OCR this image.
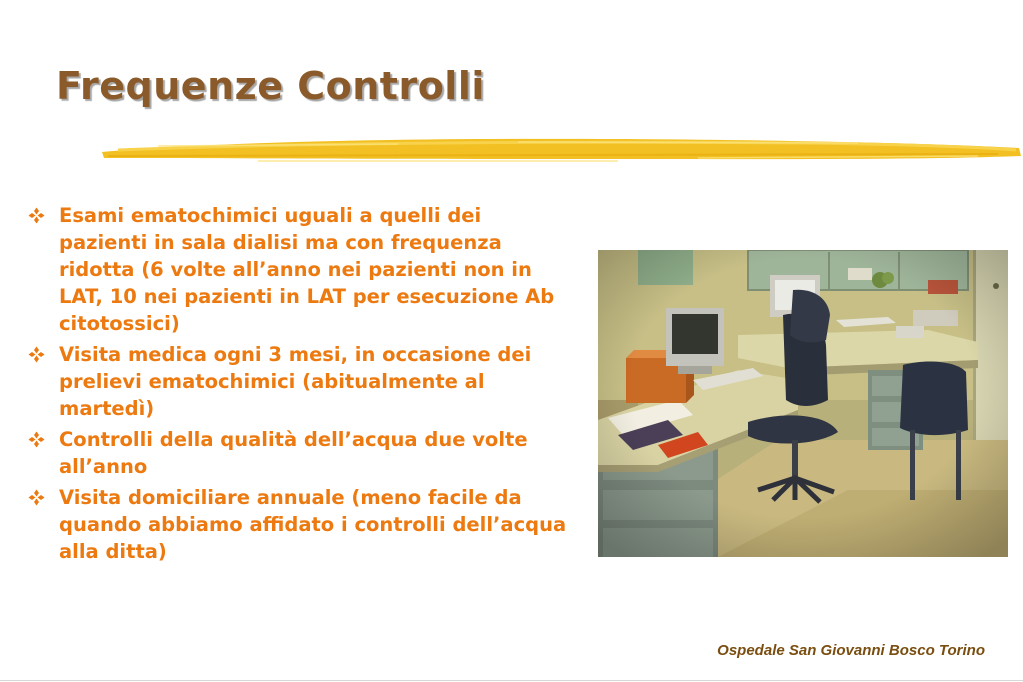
Frequenze Controlli
Esami ematochimici uguali a quelli dei pazienti in sala dialisi ma con frequenza ridotta (6 volte all’anno nei pazienti non in LAT, 10 nei pazienti in LAT per esecuzione Ab citotossici)
Visita medica ogni 3 mesi, in occasione dei prelievi ematochimici (abitualmente al martedì)
Controlli della qualità dell’acqua due volte all’anno
Visita domiciliare annuale (meno facile da quando abbiamo affidato i controlli dell’acqua alla ditta)
Ospedale San Giovanni Bosco Torino
